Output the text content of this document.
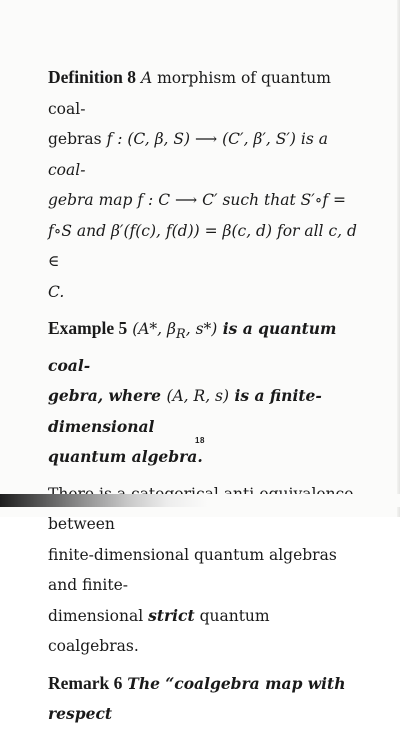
Definition 8 A morphism of quantum coal-
gebras f : (C, β, S) ⟶ (C′, β′, S′) is a coal-
gebra map f : C ⟶ C′ such that S′∘f =
f∘S and β′(f(c), f(d)) = β(c, d) for all c, d ∈
C.

Example 5 (A*, $\beta_R$, s*) is a quantum coal-
gebra, where (A, R, s) is a finite-dimensional
quantum algebra.

between
finite-dimensional quantum algebras and finite-
dimensional strict quantum coalgebras.

Remark 6 The “coalgebra map with respect

18
